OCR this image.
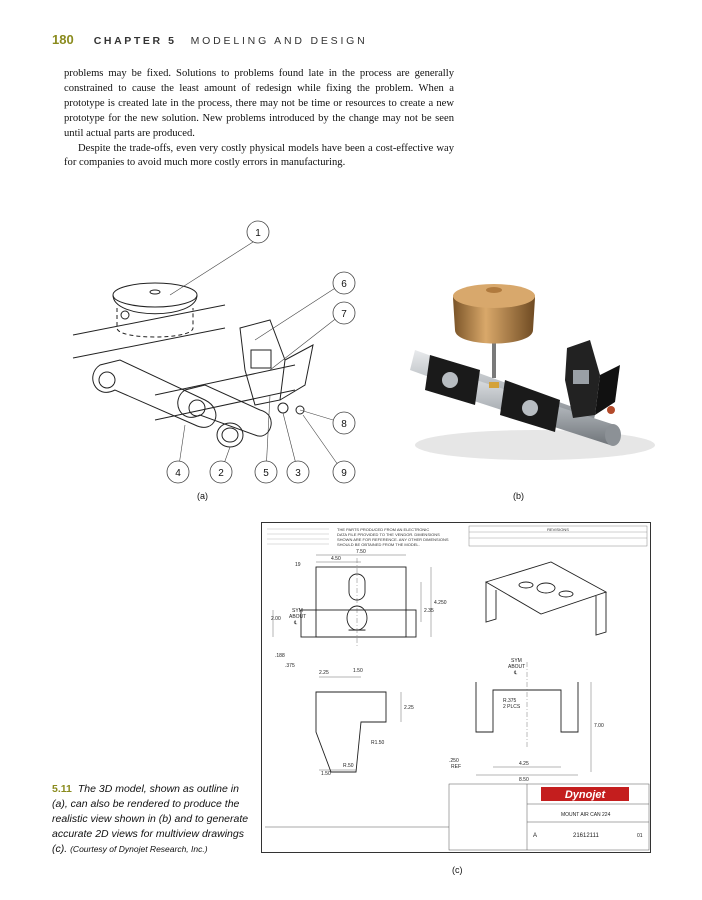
180 CHAPTER 5 MODELING AND DESIGN

problems may be fixed. Solutions to problems found late in the process are generally constrained to cause the least amount of redesign while fixing the problem. When a prototype is created late in the process, there may not be time or resources to create a new prototype for the new solution. New problems introduced by the change may not be seen until actual parts are produced.

Despite the trade-offs, even very costly physical models have been a cost-effective way for companies to avoid much more costly errors in manufacturing.

1
6
7
8
4	2	5	3	9
(a)	(b)
THE PARTS PRODUCED FROM AN ELECTRONIC
DATA FILE PROVIDED TO THE VENDOR. DIMENSIONS
SHOWN ARE FOR REFERENCE. ANY OTHER DIMENSIONS
SHOULD BE OBTAINED FROM THE MODEL.
REVISIONS
7.50
4.50
19
SYM
ABOUT
℄
2.00
4.250
2.35
.188
.375
2.25	1.50
SYM
ABOUT
℄
2.25
R.375
2 PLCS
7.00
R1.50
R.50
.250
REF
1.50
4.25
8.50
Dynojet
MOUNT AIR CAN 224
A	21612111	01
(c)
5.11 The 3D model, shown as outline in (a), can also be rendered to produce the realistic view shown in (b) and to generate accurate 2D views for multiview drawings (c). (Courtesy of Dynojet Research, Inc.)
